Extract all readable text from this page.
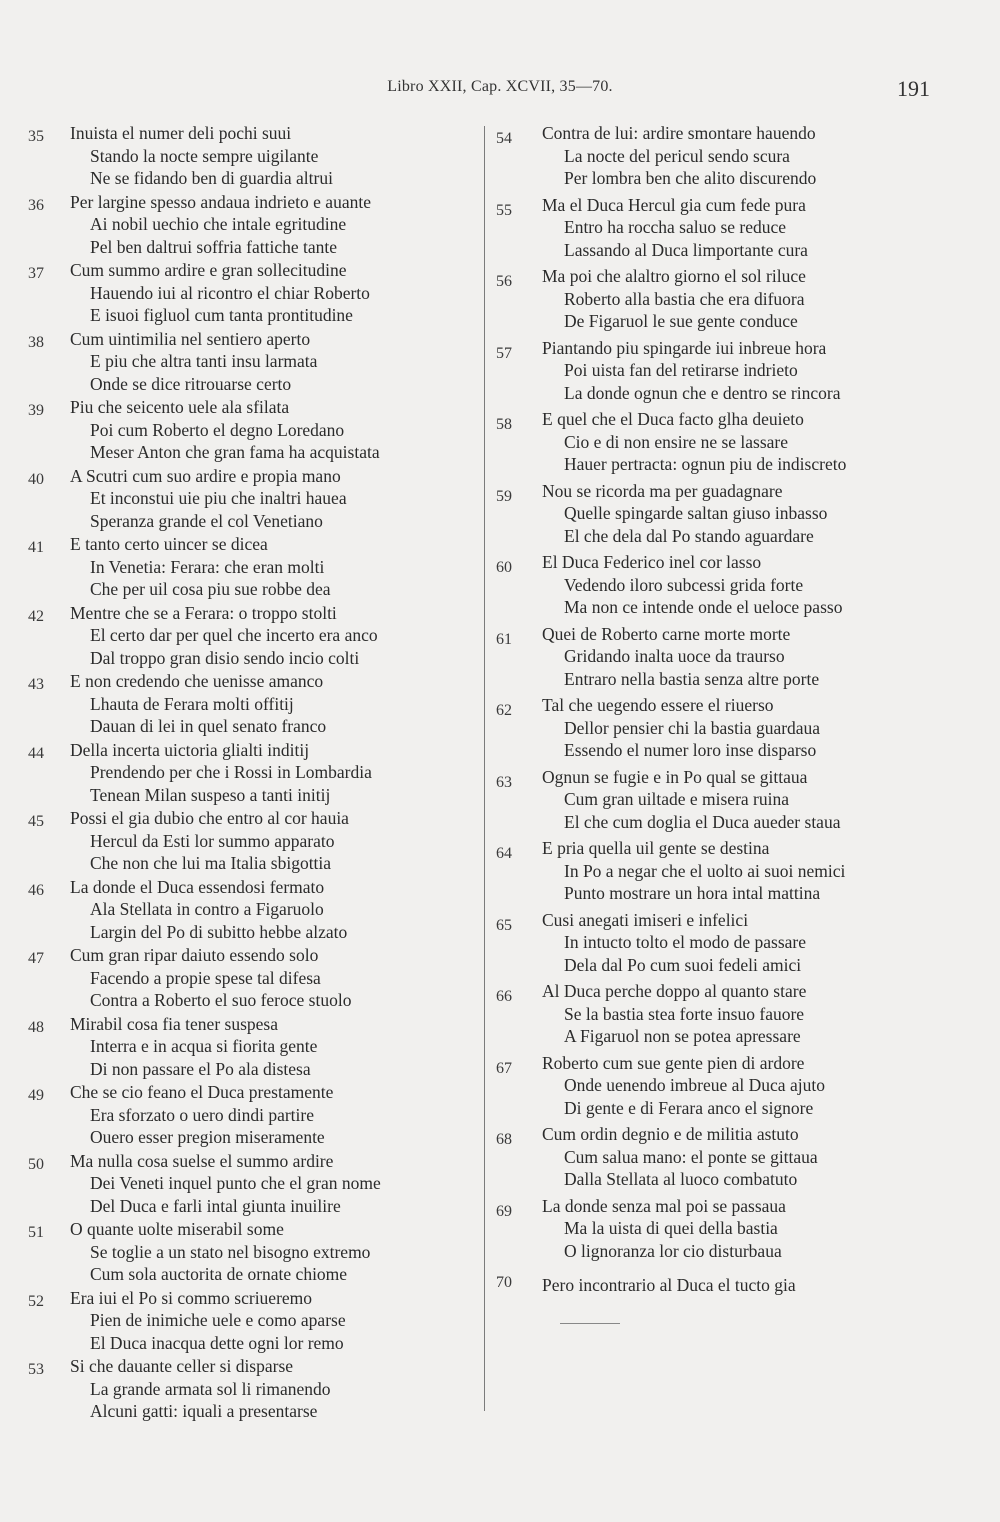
Libro XXII, Cap. XCVII, 35—70.	191
35 Inuista el numer deli pochi suui
Stando la nocte sempre uigilante
Ne se fidando ben di guardia altrui
36 Per largine spesso andaua indrieto e auante
Ai nobil uechio che intale egritudine
Pel ben daltrui soffria fattiche tante
37 Cum summo ardire e gran sollecitudine
Hauendo iui al ricontro el chiar Roberto
E isuoi figluol cum tanta prontitudine
38 Cum uintimilia nel sentiero aperto
E piu che altra tanti insu larmata
Onde se dice ritrouarse certo
39 Piu che seicento uele ala sfilata
Poi cum Roberto el degno Loredano
Meser Anton che gran fama ha acquistata
40 A Scutri cum suo ardire e propia mano
Et inconstui uie piu che inaltri hauea
Speranza grande el col Venetiano
41 E tanto certo uincer se dicea
In Venetia: Ferara: che eran molti
Che per uil cosa piu sue robbe dea
42 Mentre che se a Ferara: o troppo stolti
El certo dar per quel che incerto era anco
Dal troppo gran disio sendo incio colti
43 E non credendo che uenisse amanco
Lhauta de Ferara molti offitij
Dauan di lei in quel senato franco
44 Della incerta uictoria glialti inditij
Prendendo per che i Rossi in Lombardia
Tenean Milan suspeso a tanti initij
45 Possi el gia dubio che entro al cor hauia
Hercul da Esti lor summo apparato
Che non che lui ma Italia sbigottia
46 La donde el Duca essendosi fermato
Ala Stellata in contro a Figaruolo
Largin del Po di subitto hebbe alzato
47 Cum gran ripar daiuto essendo solo
Facendo a propie spese tal difesa
Contra a Roberto el suo feroce stuolo
48 Mirabil cosa fia tener suspesa
Interra e in acqua si fiorita gente
Di non passare el Po ala distesa
49 Che se cio feano el Duca prestamente
Era sforzato o uero dindi partire
Ouero esser pregion miseramente
50 Ma nulla cosa suelse el summo ardire
Dei Veneti inquel punto che el gran nome
Del Duca e farli intal giunta inuilire
51 O quante uolte miserabil some
Se toglie a un stato nel bisogno extremo
Cum sola auctorita de ornate chiome
52 Era iui el Po si commo scriueremo
Pien de inimiche uele e como aparse
El Duca inacqua dette ogni lor remo
53 Si che dauante celler si disparse
La grande armata sol li rimanendo
Alcuni gatti: iquali a presentarse
54 Contra de lui: ardire smontare hauendo
La nocte del pericul sendo scura
Per lombra ben che alito discurendo
55 Ma el Duca Hercul gia cum fede pura
Entro ha roccha saluo se reduce
Lassando al Duca limportante cura
56 Ma poi che alaltro giorno el sol riluce
Roberto alla bastia che era difuora
De Figaruol le sue gente conduce
57 Piantando piu spingarde iui inbreue hora
Poi uista fan del retirarse indrieto
La donde ognun che e dentro se rincora
58 E quel che el Duca facto glha deuieto
Cio e di non ensire ne se lassare
Hauer pertracta: ognun piu de indiscreto
59 Nou se ricorda ma per guadagnare
Quelle spingarde saltan giuso inbasso
El che dela dal Po stando aguardare
60 El Duca Federico inel cor lasso
Vedendo iloro subcessi grida forte
Ma non ce intende onde el ueloce passo
61 Quei de Roberto carne morte morte
Gridando inalta uoce da traurso
Entraro nella bastia senza altre porte
62 Tal che uegendo essere el riuerso
Dellor pensier chi la bastia guardaua
Essendo el numer loro inse disparso
63 Ognun se fugie e in Po qual se gittaua
Cum gran uiltade e misera ruina
El che cum doglia el Duca aueder staua
64 E pria quella uil gente se destina
In Po a negar che el uolto ai suoi nemici
Punto mostrare un hora intal mattina
65 Cusi anegati imiseri e infelici
In intucto tolto el modo de passare
Dela dal Po cum suoi fedeli amici
66 Al Duca perche doppo al quanto stare
Se la bastia stea forte insuo fauore
A Figaruol non se potea apressare
67 Roberto cum sue gente pien di ardore
Onde uenendo imbreue al Duca ajuto
Di gente e di Ferara anco el signore
68 Cum ordin degnio e de militia astuto
Cum salua mano: el ponte se gittaua
Dalla Stellata al luoco combatuto
69 La donde senza mal poi se passaua
Ma la uista di quei della bastia
O lignoranza lor cio disturbaua
70 Pero incontrario al Duca el tucto gia
